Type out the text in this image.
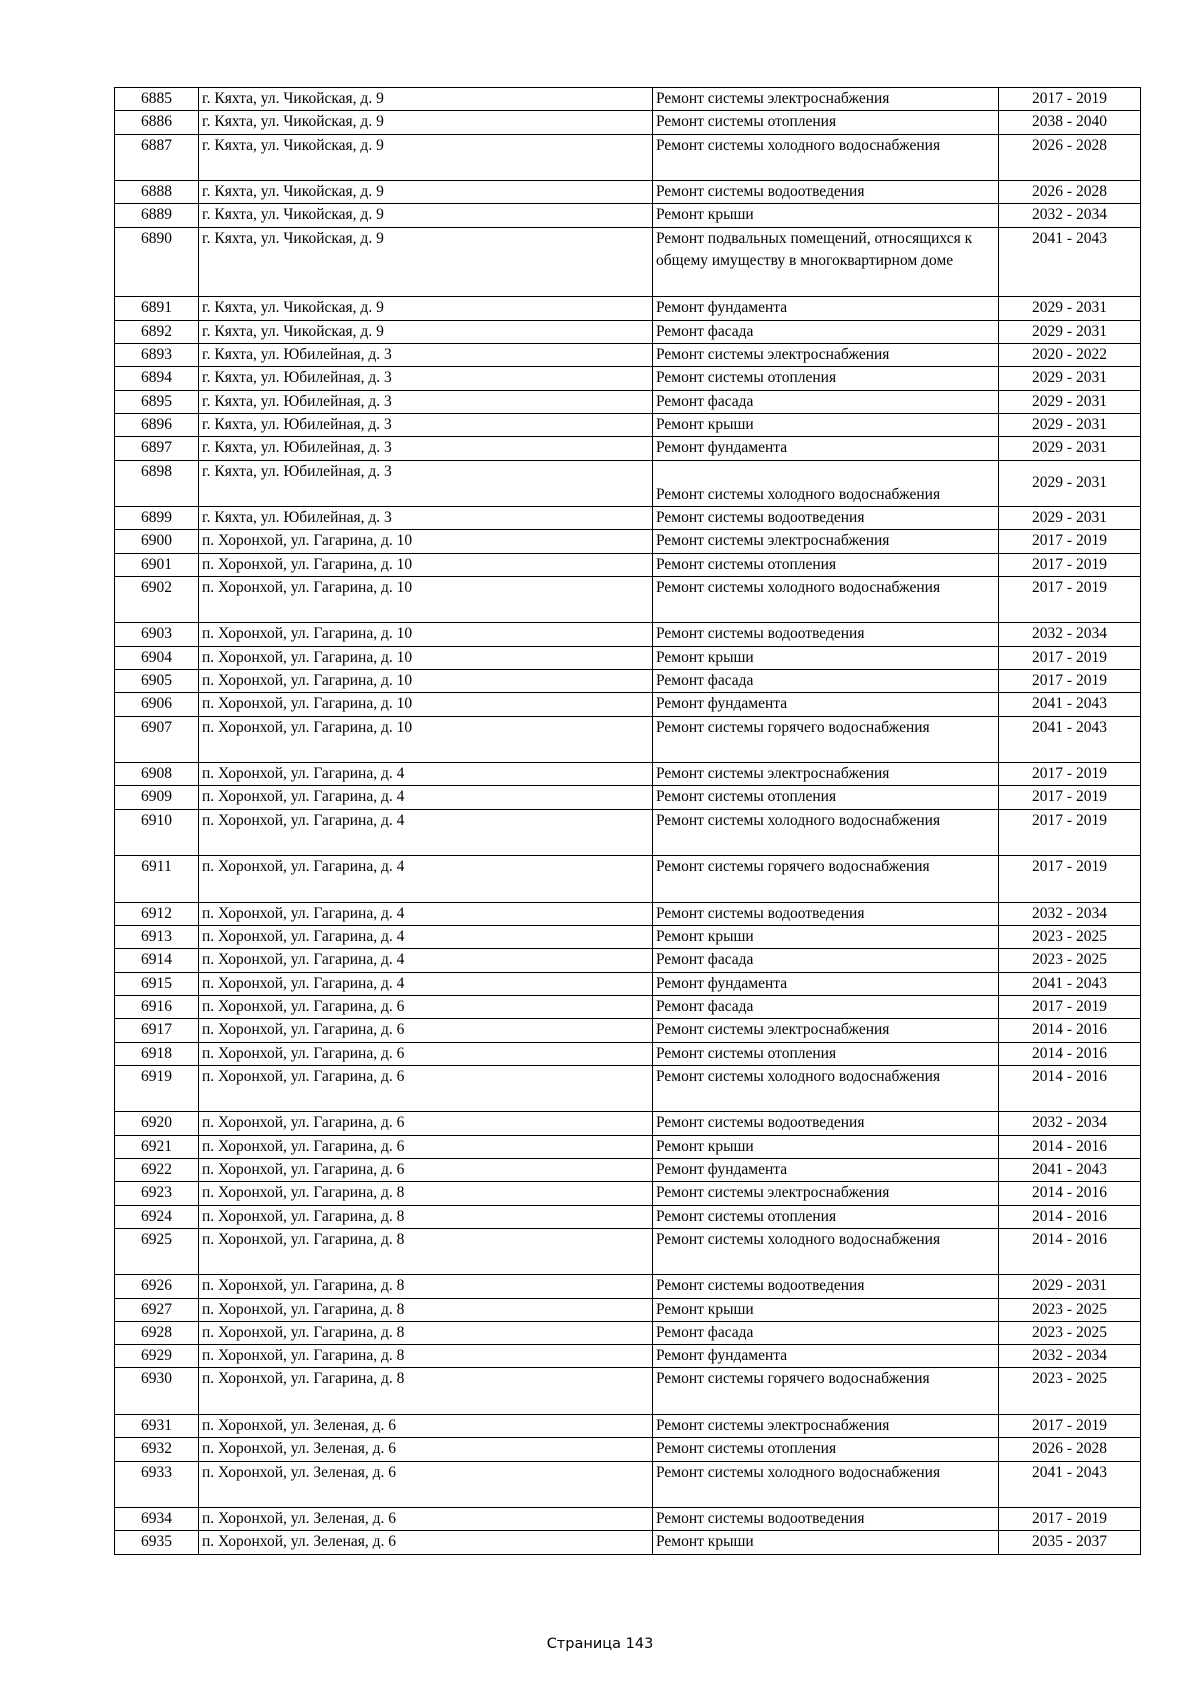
6885	г. Кяхта, ул. Чикойская, д. 9	Ремонт системы электроснабжения	2017 - 2019
6886	г. Кяхта, ул. Чикойская, д. 9	Ремонт системы отопления	2038 - 2040
6887	г. Кяхта, ул. Чикойская, д. 9	Ремонт системы холодного водоснабжения	2026 - 2028
6888	г. Кяхта, ул. Чикойская, д. 9	Ремонт системы водоотведения	2026 - 2028
6889	г. Кяхта, ул. Чикойская, д. 9	Ремонт крыши	2032 - 2034
6890	г. Кяхта, ул. Чикойская, д. 9	Ремонт подвальных помещений, относящихся к общему имуществу в многоквартирном доме	2041 - 2043
6891	г. Кяхта, ул. Чикойская, д. 9	Ремонт фундамента	2029 - 2031
6892	г. Кяхта, ул. Чикойская, д. 9	Ремонт фасада	2029 - 2031
6893	г. Кяхта, ул. Юбилейная, д. 3	Ремонт системы электроснабжения	2020 - 2022
6894	г. Кяхта, ул. Юбилейная, д. 3	Ремонт системы отопления	2029 - 2031
6895	г. Кяхта, ул. Юбилейная, д. 3	Ремонт фасада	2029 - 2031
6896	г. Кяхта, ул. Юбилейная, д. 3	Ремонт крыши	2029 - 2031
6897	г. Кяхта, ул. Юбилейная, д. 3	Ремонт фундамента	2029 - 2031
6898	г. Кяхта, ул. Юбилейная, д. 3	Ремонт системы холодного водоснабжения	2029 - 2031
6899	г. Кяхта, ул. Юбилейная, д. 3	Ремонт системы водоотведения	2029 - 2031
6900	п. Хоронхой, ул. Гагарина, д. 10	Ремонт системы электроснабжения	2017 - 2019
6901	п. Хоронхой, ул. Гагарина, д. 10	Ремонт системы отопления	2017 - 2019
6902	п. Хоронхой, ул. Гагарина, д. 10	Ремонт системы холодного водоснабжения	2017 - 2019
6903	п. Хоронхой, ул. Гагарина, д. 10	Ремонт системы водоотведения	2032 - 2034
6904	п. Хоронхой, ул. Гагарина, д. 10	Ремонт крыши	2017 - 2019
6905	п. Хоронхой, ул. Гагарина, д. 10	Ремонт фасада	2017 - 2019
6906	п. Хоронхой, ул. Гагарина, д. 10	Ремонт фундамента	2041 - 2043
6907	п. Хоронхой, ул. Гагарина, д. 10	Ремонт системы горячего водоснабжения	2041 - 2043
6908	п. Хоронхой, ул. Гагарина, д. 4	Ремонт системы электроснабжения	2017 - 2019
6909	п. Хоронхой, ул. Гагарина, д. 4	Ремонт системы отопления	2017 - 2019
6910	п. Хоронхой, ул. Гагарина, д. 4	Ремонт системы холодного водоснабжения	2017 - 2019
6911	п. Хоронхой, ул. Гагарина, д. 4	Ремонт системы горячего водоснабжения	2017 - 2019
6912	п. Хоронхой, ул. Гагарина, д. 4	Ремонт системы водоотведения	2032 - 2034
6913	п. Хоронхой, ул. Гагарина, д. 4	Ремонт крыши	2023 - 2025
6914	п. Хоронхой, ул. Гагарина, д. 4	Ремонт фасада	2023 - 2025
6915	п. Хоронхой, ул. Гагарина, д. 4	Ремонт фундамента	2041 - 2043
6916	п. Хоронхой, ул. Гагарина, д. 6	Ремонт фасада	2017 - 2019
6917	п. Хоронхой, ул. Гагарина, д. 6	Ремонт системы электроснабжения	2014 - 2016
6918	п. Хоронхой, ул. Гагарина, д. 6	Ремонт системы отопления	2014 - 2016
6919	п. Хоронхой, ул. Гагарина, д. 6	Ремонт системы холодного водоснабжения	2014 - 2016
6920	п. Хоронхой, ул. Гагарина, д. 6	Ремонт системы водоотведения	2032 - 2034
6921	п. Хоронхой, ул. Гагарина, д. 6	Ремонт крыши	2014 - 2016
6922	п. Хоронхой, ул. Гагарина, д. 6	Ремонт фундамента	2041 - 2043
6923	п. Хоронхой, ул. Гагарина, д. 8	Ремонт системы электроснабжения	2014 - 2016
6924	п. Хоронхой, ул. Гагарина, д. 8	Ремонт системы отопления	2014 - 2016
6925	п. Хоронхой, ул. Гагарина, д. 8	Ремонт системы холодного водоснабжения	2014 - 2016
6926	п. Хоронхой, ул. Гагарина, д. 8	Ремонт системы водоотведения	2029 - 2031
6927	п. Хоронхой, ул. Гагарина, д. 8	Ремонт крыши	2023 - 2025
6928	п. Хоронхой, ул. Гагарина, д. 8	Ремонт фасада	2023 - 2025
6929	п. Хоронхой, ул. Гагарина, д. 8	Ремонт фундамента	2032 - 2034
6930	п. Хоронхой, ул. Гагарина, д. 8	Ремонт системы горячего водоснабжения	2023 - 2025
6931	п. Хоронхой, ул. Зеленая, д. 6	Ремонт системы электроснабжения	2017 - 2019
6932	п. Хоронхой, ул. Зеленая, д. 6	Ремонт системы отопления	2026 - 2028
6933	п. Хоронхой, ул. Зеленая, д. 6	Ремонт системы холодного водоснабжения	2041 - 2043
6934	п. Хоронхой, ул. Зеленая, д. 6	Ремонт системы водоотведения	2017 - 2019
6935	п. Хоронхой, ул. Зеленая, д. 6	Ремонт крыши	2035 - 2037
Страница 143
